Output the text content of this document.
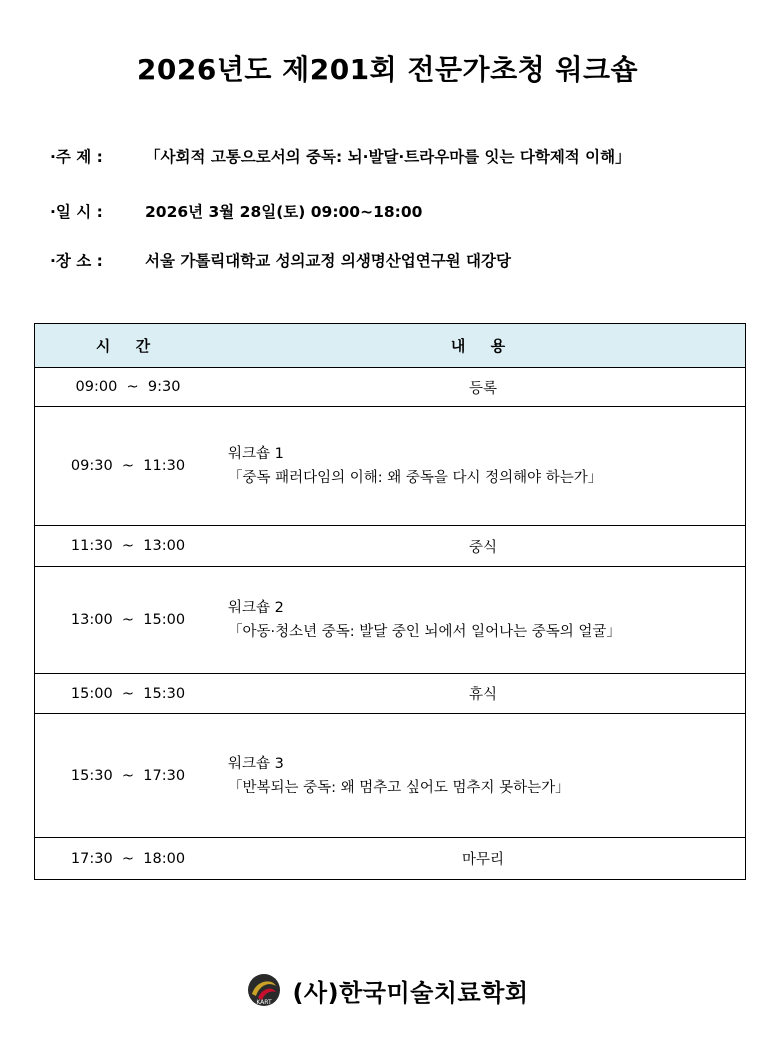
2026년도 제201회 전문가초청 워크숍
·주 제 :	「사회적 고통으로서의 중독: 뇌·발달·트라우마를 잇는 다학제적 이해」
·일 시 :	2026년 3월 28일(토) 09:00~18:00
·장 소 :	서울 가톨릭대학교 성의교정 의생명산업연구원 대강당
시 간	내 용
09:00  ~  9:30	등록
09:30  ~  11:30	워크숍 1
「중독 패러다임의 이해: 왜 중독을 다시 정의해야 하는가」

11:30  ~  13:00	중식
13:00  ~  15:00	워크숍 2
「아동·청소년 중독: 발달 중인 뇌에서 일어나는 중독의 얼굴」

15:00  ~  15:30	휴식
15:30  ~  17:30	워크숍 3
「반복되는 중독: 왜 멈추고 싶어도 멈추지 못하는가」

17:30  ~  18:00	마무리
KART (사)한국미술치료학회
